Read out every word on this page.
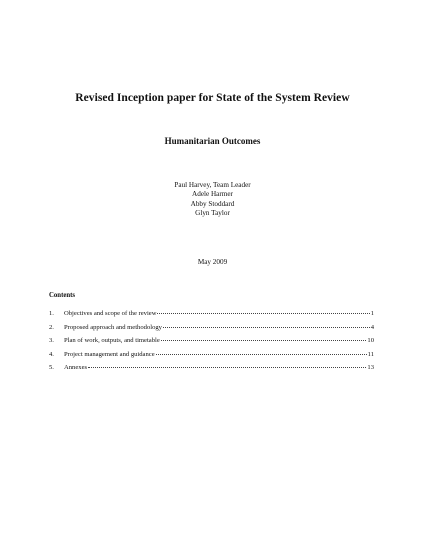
Revised Inception paper for State of the System Review
Humanitarian Outcomes
Paul Harvey, Team Leader
Adele Harmer
Abby Stoddard
Glyn Taylor
May 2009
Contents
1.	Objectives and scope of the review	1
2.	Proposed approach and methodology	4
3.	Plan of work, outputs, and timetable	10
4.	Project management and guidance	11
5.	Annexes	13
